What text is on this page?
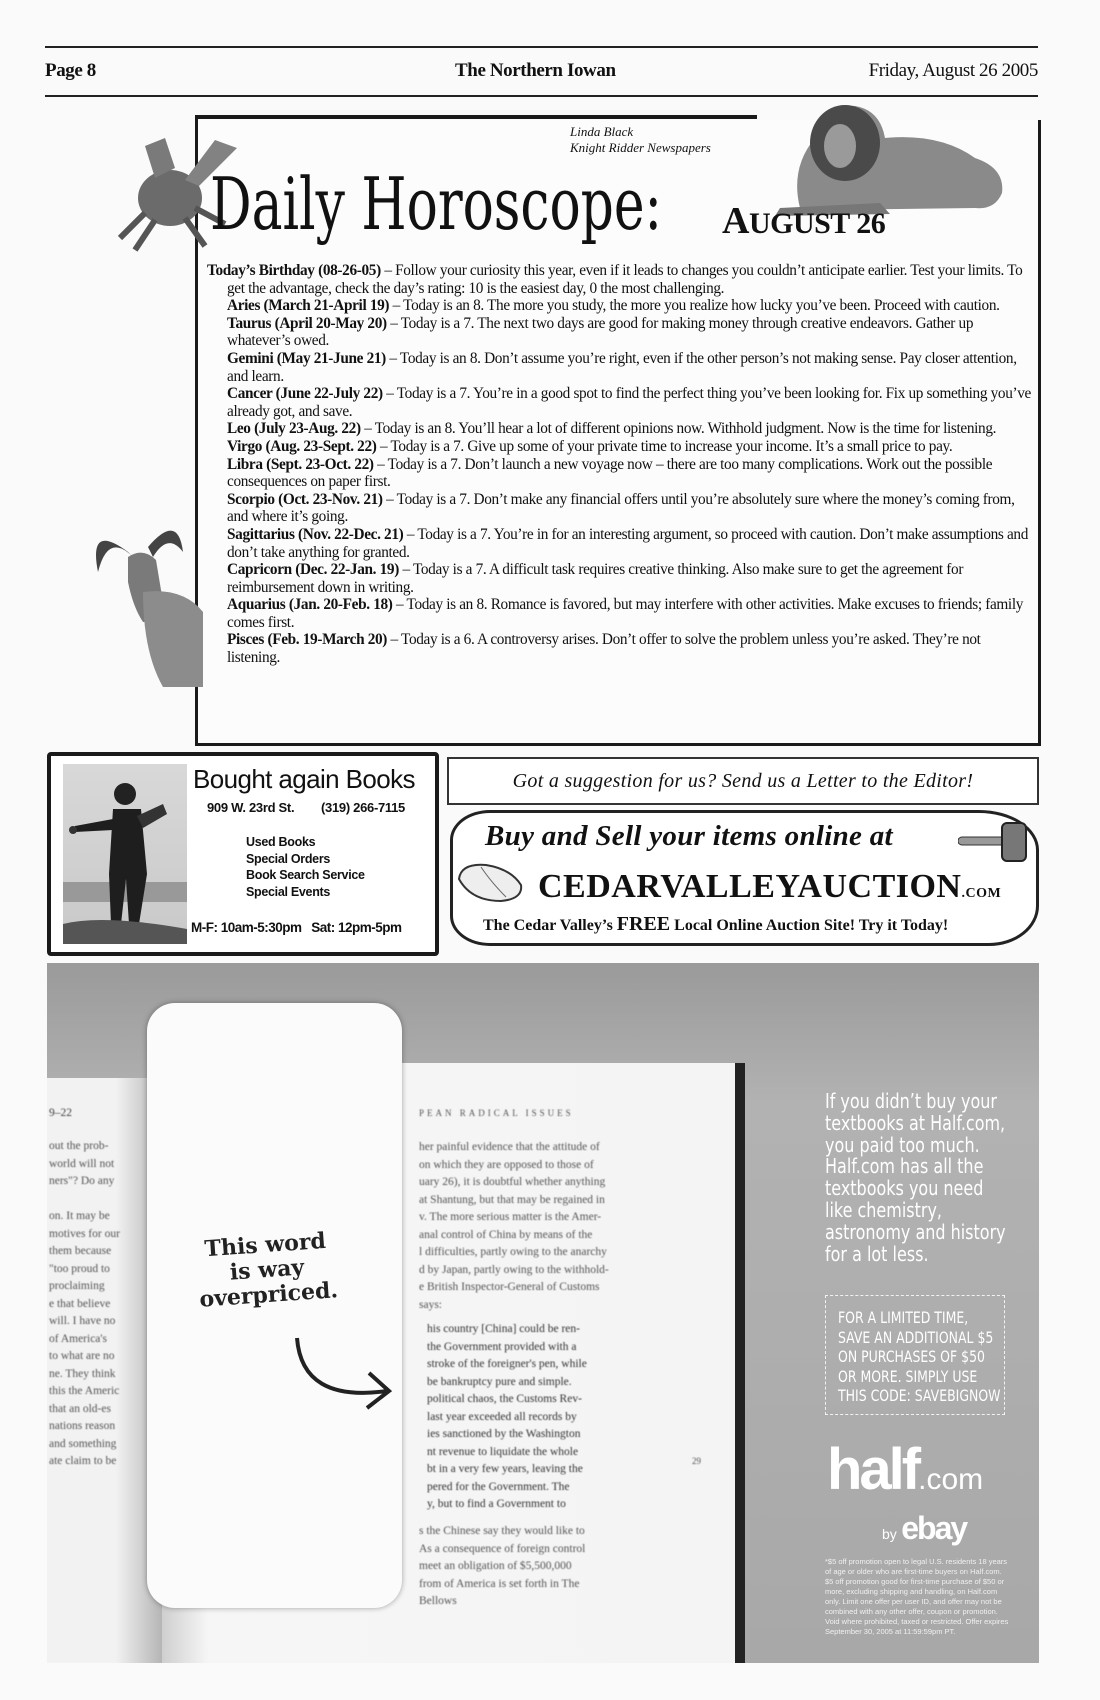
Page 8	The Northern Iowan	Friday, August 26 2005
Linda Black
Knight Ridder Newspapers
Daily Horoscope: AUGUST 26

Today’s Birthday (08-26-05) – Follow your curiosity this year, even if it leads to changes you couldn’t anticipate earlier. Test your limits. To get the advantage, check the day’s rating: 10 is the easiest day, 0 the most challenging.

Aries (March 21-April 19) – Today is an 8. The more you study, the more you realize how lucky you’ve been. Proceed with caution.

Taurus (April 20-May 20) – Today is a 7. The next two days are good for making money through creative endeavors. Gather up whatever’s owed.

Gemini (May 21-June 21) – Today is an 8. Don’t assume you’re right, even if the other person’s not making sense. Pay closer attention, and learn.

Cancer (June 22-July 22) – Today is a 7. You’re in a good spot to find the perfect thing you’ve been looking for. Fix up something you’ve already got, and save.

Leo (July 23-Aug. 22) – Today is an 8. You’ll hear a lot of different opinions now. Withhold judgment. Now is the time for listening.

Virgo (Aug. 23-Sept. 22) – Today is a 7. Give up some of your private time to increase your income. It’s a small price to pay.

Libra (Sept. 23-Oct. 22) – Today is a 7. Don’t launch a new voyage now – there are too many complications. Work out the possible consequences on paper first.

Scorpio (Oct. 23-Nov. 21) – Today is a 7. Don’t make any financial offers until you’re absolutely sure where the money’s coming from, and where it’s going.

Sagittarius (Nov. 22-Dec. 21) – Today is a 7. You’re in for an interesting argument, so proceed with caution. Don’t make assumptions and don’t take anything for granted.

Capricorn (Dec. 22-Jan. 19) – Today is a 7. A difficult task requires creative thinking. Also make sure to get the agreement for reimbursement down in writing.

Aquarius (Jan. 20-Feb. 18) – Today is an 8. Romance is favored, but may interfere with other activities. Make excuses to friends; family comes first.

Pisces (Feb. 19-March 20) – Today is a 6. A controversy arises. Don’t offer to solve the problem unless you’re asked. They’re not listening.

Bought again Books
909 W. 23rd St. (319) 266-7115
Used Books
Special Orders
Book Search Service
Special Events
M-F: 10am-5:30pm   Sat: 12pm-5pm
Got a suggestion for us? Send us a Letter to the Editor!
Buy and Sell your items online at
CEDARVALLEYAUCTION.COM
The Cedar Valley’s FREE Local Online Auction Site! Try it Today!
This word
is way
overpriced.
9–22
out the prob-
world will not
ners"? Do any
on. It may be
motives for our
them because
"too proud to
proclaiming
e that believe
will. I have no
of America's
to what are no
ne. They think
this the Americ
that an old-es
nations reason
and something
ate claim to be
PEAN RADICAL ISSUES
her painful evidence that the attitude of
on which they are opposed to those of
uary 26), it is doubtful whether anything
at Shantung, but that may be regained in
v. The more serious matter is the Amer-
anal control of China by means of the
l difficulties, partly owing to the anarchy
d by Japan, partly owing to the withhold-
e British Inspector-General of Customs
says:
his country [China] could be ren-
the Government provided with a
stroke of the foreigner's pen, while
be bankruptcy pure and simple.
political chaos, the Customs Rev-
last year exceeded all records by
ies sanctioned by the Washington
nt revenue to liquidate the whole
bt in a very few years, leaving the
pered for the Government. The
y, but to find a Government to
29
s the Chinese say they would like to
As a consequence of foreign control
meet an obligation of $5,500,000
from of America is set forth in The
Bellows
If you didn’t buy your
textbooks at Half.com,
you paid too much.
Half.com has all the
textbooks you need
like chemistry,
astronomy and history
for a lot less.
FOR A LIMITED TIME,
SAVE AN ADDITIONAL $5
ON PURCHASES OF $50
OR MORE. SIMPLY USE
THIS CODE: SAVEBIGNOW
half.com
by ebay
*$5 off promotion open to legal U.S. residents 18 years of age or older who are first-time buyers on Half.com. $5 off promotion good for first-time purchase of $50 or more, excluding shipping and handling, on Half.com only. Limit one offer per user ID, and offer may not be combined with any other offer, coupon or promotion. Void where prohibited, taxed or restricted. Offer expires September 30, 2005 at 11:59:59pm PT.
